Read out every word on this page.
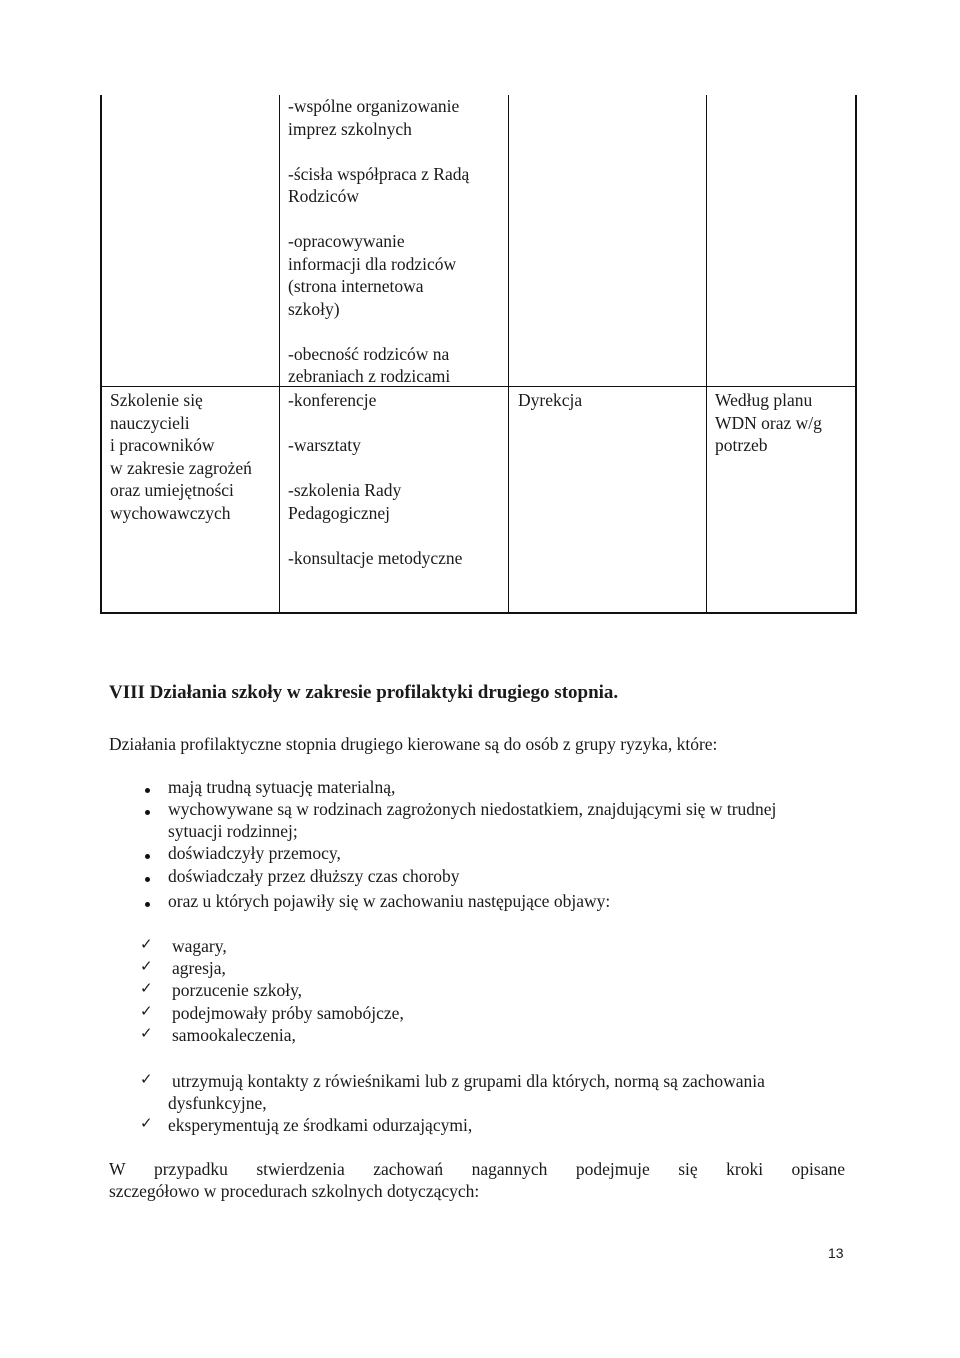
-wspólne organizowanie
imprez szkolnych

-ścisła współpraca z Radą
Rodziców

-opracowywanie
informacji dla rodziców
(strona internetowa
szkoły)

-obecność rodziców na
zebraniach z rodzicami
Szkolenie się
nauczycieli
i pracowników
w zakresie zagrożeń
oraz umiejętności
wychowawczych
-konferencje

-warsztaty

-szkolenia Rady
Pedagogicznej

-konsultacje metodyczne
Dyrekcja	Według planu
WDN oraz w/g
potrzeb
VIII Działania szkoły w zakresie profilaktyki drugiego stopnia.
Działania profilaktyczne stopnia drugiego kierowane są do osób z grupy ryzyka, które:
mają trudną sytuację materialną,
wychowywane są w rodzinach zagrożonych niedostatkiem, znajdującymi się w trudnej
sytuacji rodzinnej;
doświadczyły przemocy,
doświadczały przez dłuższy czas choroby
oraz u których pojawiły się w zachowaniu następujące objawy:
✓ wagary,
✓ agresja,
✓ porzucenie szkoły,
✓ podejmowały próby samobójcze,
✓ samookaleczenia,
✓ utrzymują kontakty z rówieśnikami lub z grupami dla których, normą są zachowania
dysfunkcyjne,
✓ eksperymentują ze środkami odurzającymi,
W przypadku stwierdzenia zachowań nagannych podejmuje się kroki opisane
szczegółowo w procedurach szkolnych dotyczących:
13
